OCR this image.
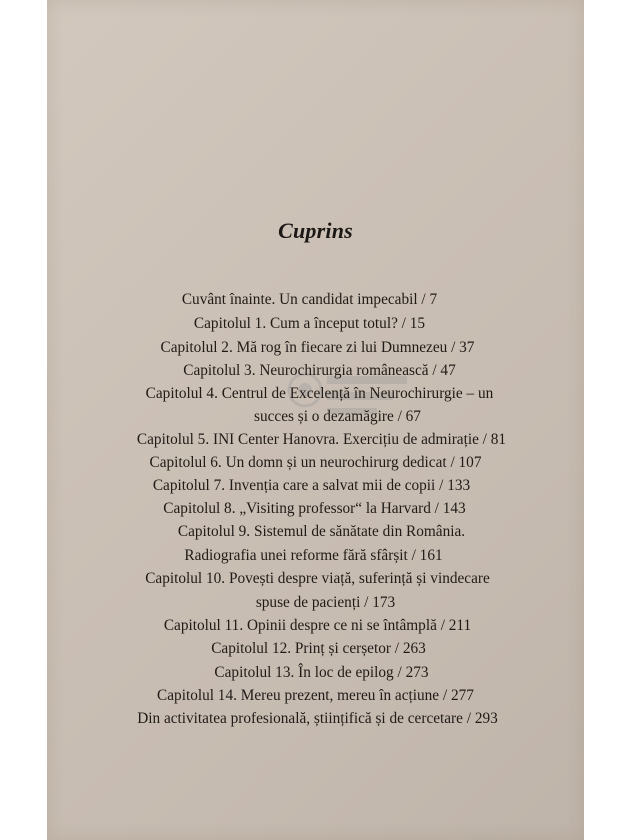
Cuprins
Cuvânt înainte. Un candidat impecabil / 7
Capitolul 1. Cum a început totul? / 15
Capitolul 2. Mă rog în fiecare zi lui Dumnezeu / 37
Capitolul 3. Neurochirurgia românească / 47
Capitolul 4. Centrul de Excelență în Neurochirurgie – un
succes și o dezamăgire / 67
Capitolul 5. INI Center Hanovra. Exercițiu de admirație / 81
Capitolul 6. Un domn și un neurochirurg dedicat / 107
Capitolul 7. Invenția care a salvat mii de copii / 133
Capitolul 8. „Visiting professor“ la Harvard / 143
Capitolul 9. Sistemul de sănătate din România.
Radiografia unei reforme fără sfârșit / 161
Capitolul 10. Povești despre viață, suferință și vindecare
spuse de pacienți / 173
Capitolul 11. Opinii despre ce ni se întâmplă / 211
Capitolul 12. Prinț și cerșetor / 263
Capitolul 13. În loc de epilog / 273
Capitolul 14. Mereu prezent, mereu în acțiune / 277
Din activitatea profesională, științifică și de cercetare / 293
